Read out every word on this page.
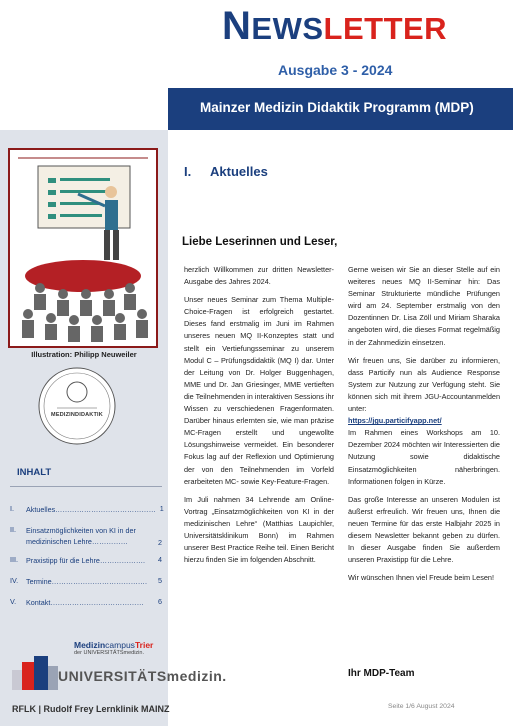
NEWSLETTER
Ausgabe 3 - 2024
Mainzer Medizin Didaktik Programm (MDP)
Illustration: Philipp Neuweiler
MEDIZINDIDAKTIK
INHALT
I.	Aktuelles…………………………………… 1
II.	Einsatzmöglichkeiten von KI in der medizinischen Lehre……………	2
III.	Praxistipp für die Lehre……………….	4
IV.	Termine………………………………….	5
V.	Kontakt…………………………………	6
MedizincampusTrier
der UNIVERSITÄTSmedizin.
UNIVERSITÄTSmedizin.
RFLK | Rudolf Frey Lernklinik MAINZ
I. Aktuelles
Liebe Leserinnen und Leser,

herzlich Willkommen zur dritten Newsletter- Ausgabe des Jahres 2024.

Unser neues Seminar zum Thema Multiple-Choice-Fragen ist erfolgreich gestartet. Dieses fand erstmalig im Juni im Rahmen unseres neuen MQ II-Konzeptes statt und stellt ein Vertiefungsseminar zu unserem Modul C – Prüfungsdidaktik (MQ I) dar. Unter der Leitung von Dr. Holger Buggenhagen, MME und Dr. Jan Griesinger, MME vertieften die Teilnehmenden in interaktiven Sessions ihr Wissen zu verschiedenen Fragenformaten. Darüber hinaus erlernten sie, wie man präzise MC-Fragen erstellt und ungewollte Lösungshinweise vermeidet. Ein besonderer Fokus lag auf der Reflexion und Optimierung der von den Teilnehmenden im Vorfeld erarbeiteten MC- sowie Key-Feature-Fragen.

Im Juli nahmen 34 Lehrende am Online-Vortrag „Einsatzmöglichkeiten von KI in der medizinischen Lehre“ (Matthias Laupichler, Universitätsklinikum Bonn) im Rahmen unserer Best Practice Reihe teil. Einen Bericht hierzu finden Sie im folgenden Abschnitt.

Gerne weisen wir Sie an dieser Stelle auf ein weiteres neues MQ II-Seminar hin: Das Seminar Strukturierte mündliche Prüfungen wird am 24. September erstmalig von den Dozentinnen Dr. Lisa Zöll und Miriam Sharaka angeboten wird, die dieses Format regelmäßig in der Zahnmedizin einsetzen.

Wir freuen uns, Sie darüber zu informieren, dass Particify nun als Audience Response System zur Nutzung zur Verfügung steht. Sie können sich mit ihrem JGU-Accountanmelden unter:

https://jgu.particifyapp.net/

Im Rahmen eines Workshops am 10. Dezember 2024 möchten wir Interessierten die Nutzung sowie didaktische Einsatzmöglichkeiten näherbringen. Informationen folgen in Kürze.

Das große Interesse an unseren Modulen ist äußerst erfreulich. Wir freuen uns, Ihnen die neuen Termine für das erste Halbjahr 2025 in diesem Newsletter bekannt geben zu dürfen. In dieser Ausgabe finden Sie außerdem unseren Praxistipp für die Lehre.

Wir wünschen Ihnen viel Freude beim Lesen!

Ihr MDP-Team
Seite 1/6 August 2024
